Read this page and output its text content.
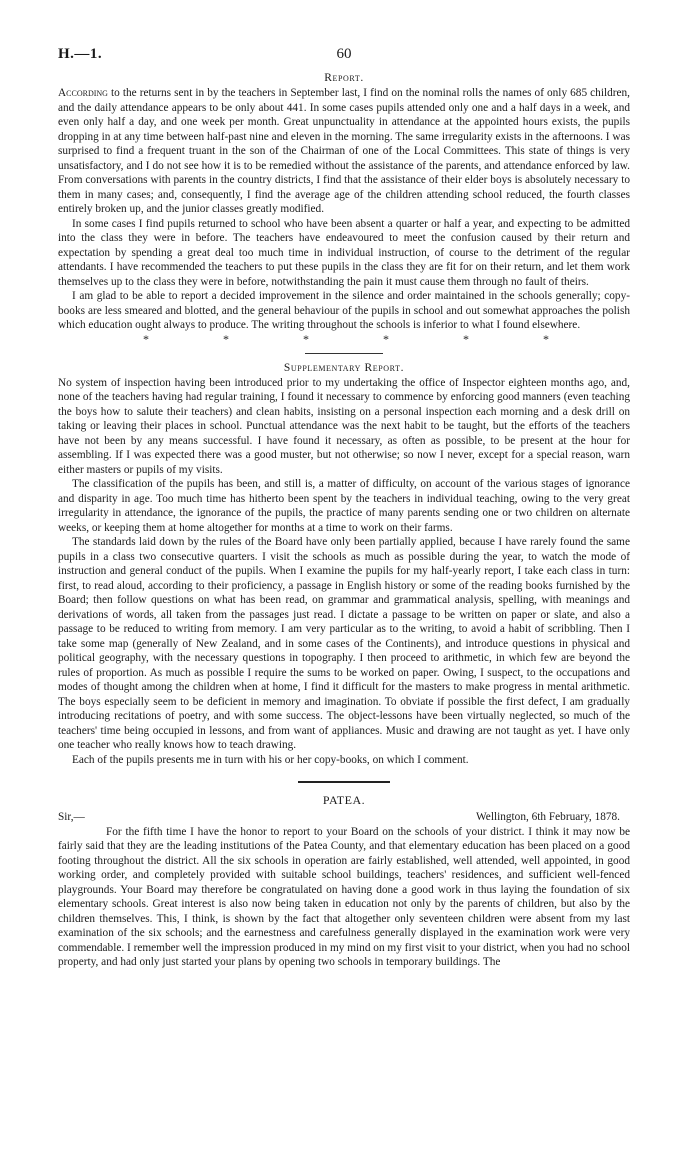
H.—1.	60
Report.

According to the returns sent in by the teachers in September last, I find on the nominal rolls the names of only 685 children, and the daily attendance appears to be only about 441. In some cases pupils attended only one and a half days in a week, and even only half a day, and one week per month. Great unpunctuality in attendance at the appointed hours exists, the pupils dropping in at any time between half-past nine and eleven in the morning. The same irregularity exists in the afternoons. I was surprised to find a frequent truant in the son of the Chairman of one of the Local Committees. This state of things is very unsatisfactory, and I do not see how it is to be remedied without the assistance of the parents, and attendance enforced by law. From conversations with parents in the country districts, I find that the assistance of their elder boys is absolutely necessary to them in many cases; and, consequently, I find the average age of the children attending school reduced, the fourth classes entirely broken up, and the junior classes greatly modified.

In some cases I find pupils returned to school who have been absent a quarter or half a year, and expecting to be admitted into the class they were in before. The teachers have endeavoured to meet the confusion caused by their return and expectation by spending a great deal too much time in individual instruction, of course to the detriment of the regular attendants. I have recommended the teachers to put these pupils in the class they are fit for on their return, and let them work themselves up to the class they were in before, notwithstanding the pain it must cause them through no fault of theirs.

I am glad to be able to report a decided improvement in the silence and order maintained in the schools generally; copy-books are less smeared and blotted, and the general behaviour of the pupils in school and out somewhat approaches the polish which education ought always to produce. The writing throughout the schools is inferior to what I found elsewhere.

*	*	*	*	*	*
Supplementary Report.

No system of inspection having been introduced prior to my undertaking the office of Inspector eighteen months ago, and, none of the teachers having had regular training, I found it necessary to commence by enforcing good manners (even teaching the boys how to salute their teachers) and clean habits, insisting on a personal inspection each morning and a desk drill on taking or leaving their places in school. Punctual attendance was the next habit to be taught, but the efforts of the teachers have not been by any means successful. I have found it necessary, as often as possible, to be present at the hour for assembling. If I was expected there was a good muster, but not otherwise; so now I never, except for a special reason, warn either masters or pupils of my visits.

The classification of the pupils has been, and still is, a matter of difficulty, on account of the various stages of ignorance and disparity in age. Too much time has hitherto been spent by the teachers in individual teaching, owing to the very great irregularity in attendance, the ignorance of the pupils, the practice of many parents sending one or two children on alternate weeks, or keeping them at home altogether for months at a time to work on their farms.

The standards laid down by the rules of the Board have only been partially applied, because I have rarely found the same pupils in a class two consecutive quarters. I visit the schools as much as possible during the year, to watch the mode of instruction and general conduct of the pupils. When I examine the pupils for my half-yearly report, I take each class in turn: first, to read aloud, according to their proficiency, a passage in English history or some of the reading books furnished by the Board; then follow questions on what has been read, on grammar and grammatical analysis, spelling, with meanings and derivations of words, all taken from the passages just read. I dictate a passage to be written on paper or slate, and also a passage to be reduced to writing from memory. I am very particular as to the writing, to avoid a habit of scribbling. Then I take some map (generally of New Zealand, and in some cases of the Continents), and introduce questions in physical and political geography, with the necessary questions in topography. I then proceed to arithmetic, in which few are beyond the rules of proportion. As much as possible I require the sums to be worked on paper. Owing, I suspect, to the occupations and modes of thought among the children when at home, I find it difficult for the masters to make progress in mental arithmetic. The boys especially seem to be deficient in memory and imagination. To obviate if possible the first defect, I am gradually introducing recitations of poetry, and with some success. The object-lessons have been virtually neglected, so much of the teachers' time being occupied in lessons, and from want of appliances. Music and drawing are not taught as yet. I have only one teacher who really knows how to teach drawing.

Each of the pupils presents me in turn with his or her copy-books, on which I comment.

PATEA.
Sir,—	Wellington, 6th February, 1878.

For the fifth time I have the honor to report to your Board on the schools of your district. I think it may now be fairly said that they are the leading institutions of the Patea County, and that elementary education has been placed on a good footing throughout the district. All the six schools in operation are fairly established, well attended, well appointed, in good working order, and completely provided with suitable school buildings, teachers' residences, and sufficient well-fenced playgrounds. Your Board may therefore be congratulated on having done a good work in thus laying the foundation of six elementary schools. Great interest is also now being taken in education not only by the parents of children, but also by the children themselves. This, I think, is shown by the fact that altogether only seventeen children were absent from my last examination of the six schools; and the earnestness and carefulness generally displayed in the examination work were very commendable. I remember well the impression produced in my mind on my first visit to your district, when you had no school property, and had only just started your plans by opening two schools in temporary buildings. The
